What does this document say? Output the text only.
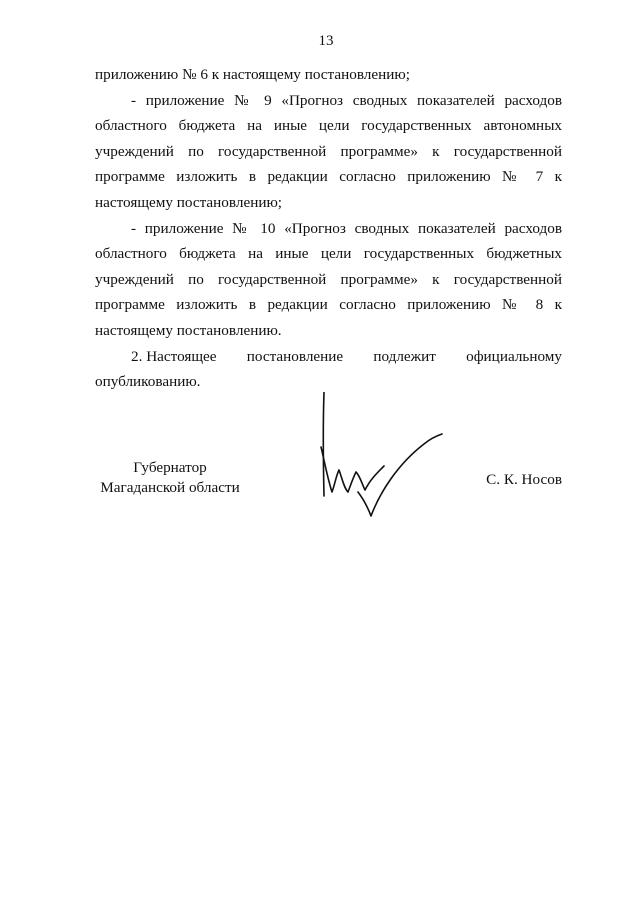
13

приложению № 6 к настоящему постановлению;

- приложение № 9 «Прогноз сводных показателей расходов областного бюджета на иные цели государственных автономных учреждений по государственной программе» к государственной программе изложить в редакции согласно приложению № 7 к настоящему постановлению;

- приложение № 10 «Прогноз сводных показателей расходов областного бюджета на иные цели государственных бюджетных учреждений по государственной программе» к государственной программе изложить в редакции согласно приложению № 8 к настоящему постановлению.

2. Настоящее постановление подлежит официальному

опубликованию.

Губернатор
Магаданской области	С. К. Носов
